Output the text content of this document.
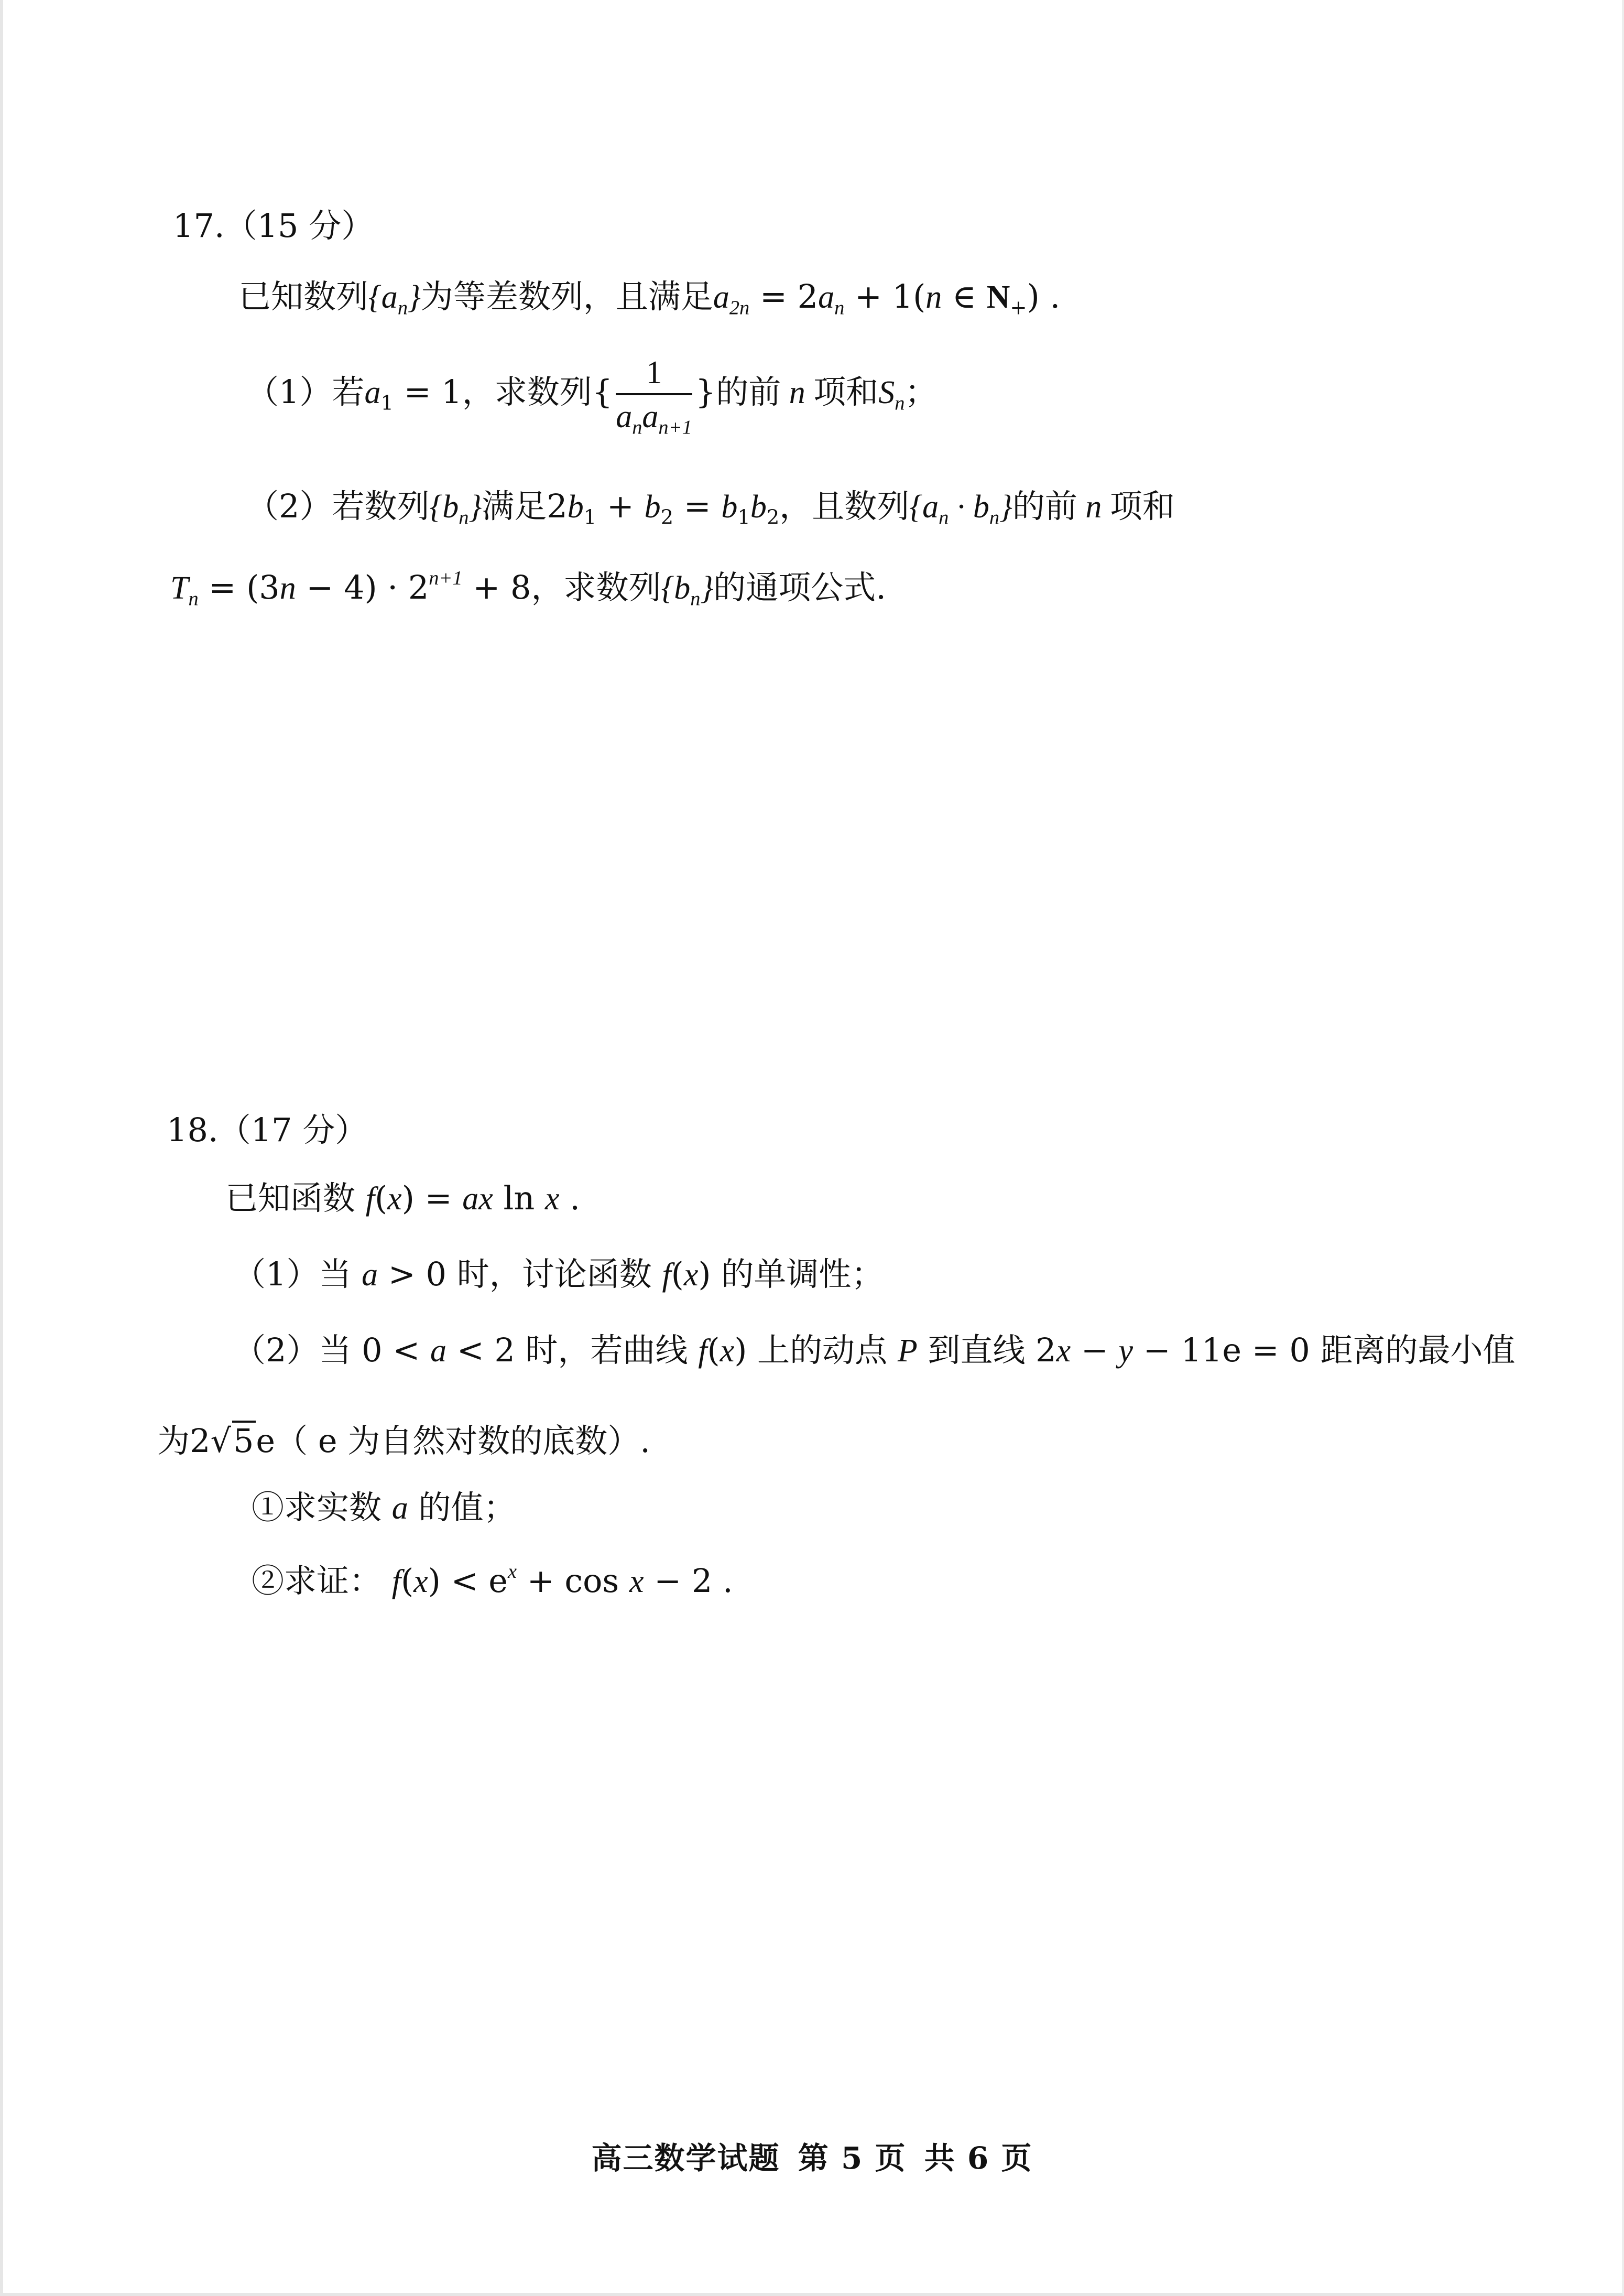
17.（15 分）
已知数列$\{a_n\}$为等差数列，且满足$a_{2n} = 2a_n + 1(n$ ∈ $N_+$) .
（1）若$a_1 = 1$，求数列{ $\frac{1}{a_na_{n+1}}$ }的前 n 项和$S_n$；
（2）若数列$\{b_n\}$满足$2b_1 + b_2 = b_1b_2$，且数列$\{a_n \cdot b_n\}$的前 n 项和
$T_n = (3n - 4) \cdot 2^{n+1} + 8$，求数列$\{b_n\}$的通项公式.
18.（17 分）
已知函数 f(x) = ax ln x .
（1）当 a > 0 时，讨论函数 f(x) 的单调性；
（2）当 0 < a < 2 时，若曲线 f(x) 上的动点 P 到直线 2x − y − 11e = 0 距离的最小值
为2√5e（ e 为自然对数的底数）.
①求实数 a 的值；
②求证： $f(x) < e^x + \cos x - 2$ .
高三数学试题 第 5 页 共 6 页
